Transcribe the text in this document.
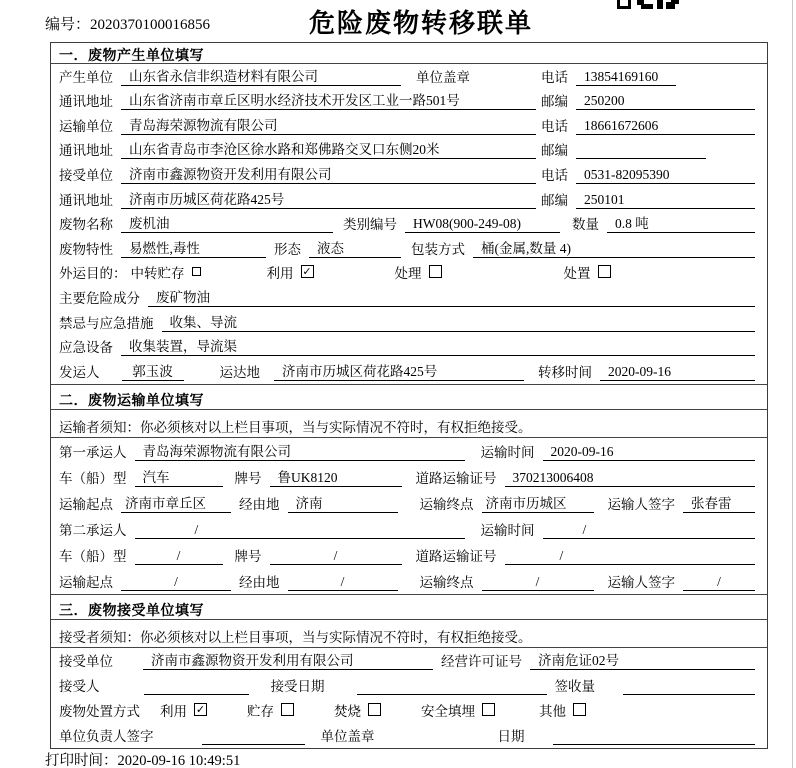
编号：2020370100016856	危险废物转移联单
一．废物产生单位填写
产生单位	山东省永信非织造材料有限公司	单位盖章	电话	13854169160
通讯地址	山东省济南市章丘区明水经济技术开发区工业一路501号	邮编	250200
运输单位	青岛海荣源物流有限公司	电话	18661672606
通讯地址	山东省青岛市李沧区徐水路和郑佛路交叉口东侧20米	邮编
接受单位	济南市鑫源物资开发利用有限公司	电话	0531-82095390
通讯地址	济南市历城区荷花路425号	邮编	250101
废物名称	废机油	类别编号	HW08(900-249-08)	数量	0.8 吨
废物特性	易燃性,毒性	形态	液态	包装方式	桶(金属,数量 4)
外运目的： 中转贮存	利用 ✓	处理	处置
主要危险成分	废矿物油
禁忌与应急措施	收集、导流
应急设备	收集装置，导流渠
发运人	郭玉波	运达地	济南市历城区荷花路425号	转移时间	2020-09-16
二．废物运输单位填写
运输者须知：你必须核对以上栏目事项，当与实际情况不符时，有权拒绝接受。
第一承运人	青岛海荣源物流有限公司	运输时间	2020-09-16
车（船）型	汽车	牌号	鲁UK8120	道路运输证号	370213006408
运输起点 济南市章丘区	经由地	济南	运输终点 济南市历城区	运输人签字	张春雷
第二承运人	/	运输时间	/
车（船）型	/	牌号	/	道路运输证号	/
运输起点	/	经由地	/	运输终点	/	运输人签字	/
三．废物接受单位填写
接受者须知：你必须核对以上栏目事项，当与实际情况不符时，有权拒绝接受。
接受单位	济南市鑫源物资开发利用有限公司	经营许可证号	济南危证02号
接受人	接受日期	签收量
废物处置方式 利用 ✓	贮存	焚烧	安全填埋	其他
单位负责人签字	单位盖章	日期
打印时间：2020-09-16 10:49:51
